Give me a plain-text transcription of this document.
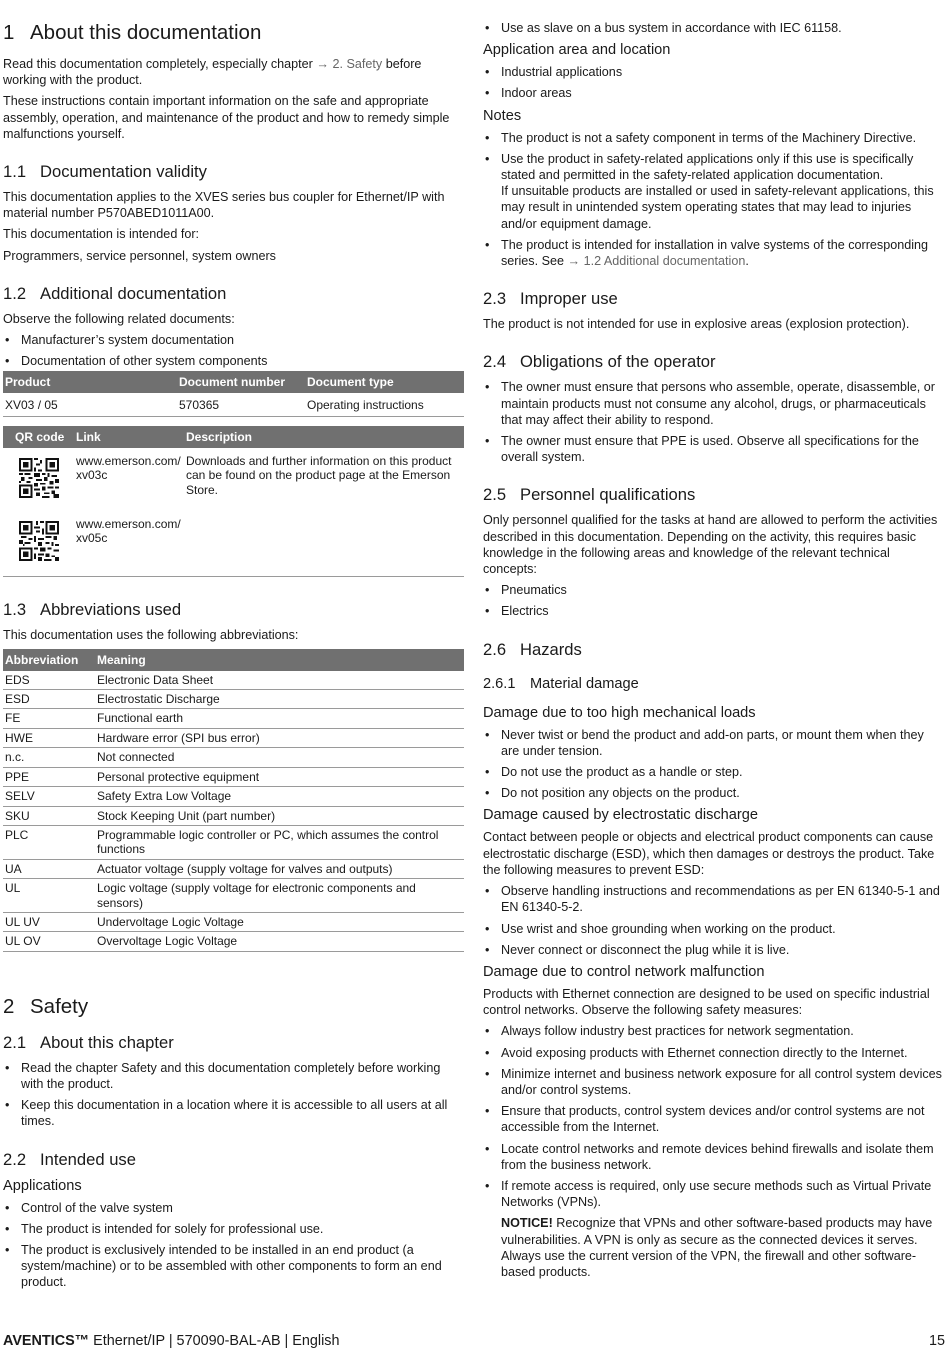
1 About this documentation

Read this documentation completely, especially chapter → 2. Safety before working with the product.

These instructions contain important information on the safe and appropriate assembly, operation, and maintenance of the product and how to remedy simple malfunctions yourself.

1.1 Documentation validity

This documentation applies to the XVES series bus coupler for Ethernet/IP with material number P570ABED1011A00.

This documentation is intended for:

Programmers, service personnel, system owners

1.2 Additional documentation

Observe the following related documents:

• Manufacturer’s system documentation
• Documentation of other system components
Product	Document number	Document type
XV03 / 05	570365	Operating instructions
QR code	Link	Description
	www.emerson.com/ xv03c	Downloads and further information on this product can be found on the product page at the Emerson Store.
	www.emerson.com/ xv05c	
1.3 Abbreviations used

This documentation uses the following abbreviations:

Abbreviation	Meaning
EDS	Electronic Data Sheet
ESD	Electrostatic Discharge
FE	Functional earth
HWE	Hardware error (SPI bus error)
n.c.	Not connected
PPE	Personal protective equipment
SELV	Safety Extra Low Voltage
SKU	Stock Keeping Unit (part number)
PLC	Programmable logic controller or PC, which assumes the control functions
UA	Actuator voltage (supply voltage for valves and outputs)
UL	Logic voltage (supply voltage for electronic components and sensors)
UL UV	Undervoltage Logic Voltage
UL OV	Overvoltage Logic Voltage
2 Safety
2.1 About this chapter
• Read the chapter Safety and this documentation completely before working with the product.
• Keep this documentation in a location where it is accessible to all users at all times.
2.2 Intended use
Applications
• Control of the valve system
• The product is intended for solely for professional use.
• The product is exclusively intended to be installed in an end product (a system/machine) or to be assembled with other components to form an end product.
• Use as slave on a bus system in accordance with IEC 61158.
Application area and location
• Industrial applications
• Indoor areas
Notes
• The product is not a safety component in terms of the Machinery Directive.
• Use the product in safety-related applications only if this use is specifically stated and permitted in the safety-related application documentation.
If unsuitable products are installed or used in safety-relevant applications, this may result in unintended system operating states that may lead to injuries and/or equipment damage.
• The product is intended for installation in valve systems of the corresponding series. See → 1.2 Additional documentation.
2.3 Improper use

The product is not intended for use in explosive areas (explosion protection).

2.4 Obligations of the operator
• The owner must ensure that persons who assemble, operate, disassemble, or maintain products must not consume any alcohol, drugs, or pharmaceuticals that may affect their ability to respond.
• The owner must ensure that PPE is used. Observe all specifications for the overall system.
2.5 Personnel qualifications

Only personnel qualified for the tasks at hand are allowed to perform the activities described in this documentation. Depending on the activity, this requires basic knowledge in the following areas and knowledge of the relevant technical concepts:

• Pneumatics
• Electrics
2.6 Hazards
2.6.1 Material damage
Damage due to too high mechanical loads
• Never twist or bend the product and add-on parts, or mount them when they are under tension.
• Do not use the product as a handle or step.
• Do not position any objects on the product.
Damage caused by electrostatic discharge

Contact between people or objects and electrical product components can cause electrostatic discharge (ESD), which then damages or destroys the product. Take the following measures to prevent ESD:

• Observe handling instructions and recommendations as per EN 61340-5-1 and EN 61340-5-2.
• Use wrist and shoe grounding when working on the product.
• Never connect or disconnect the plug while it is live.
Damage due to control network malfunction

Products with Ethernet connection are designed to be used on specific industrial control networks. Observe the following safety measures:

• Always follow industry best practices for network segmentation.
• Avoid exposing products with Ethernet connection directly to the Internet.
• Minimize internet and business network exposure for all control system devices and/or control systems.
• Ensure that products, control system devices and/or control systems are not accessible from the Internet.
• Locate control networks and remote devices behind firewalls and isolate them from the business network.
• If remote access is required, only use secure methods such as Virtual Private Networks (VPNs).
NOTICE! Recognize that VPNs and other software-based products may have vulnerabilities. A VPN is only as secure as the connected devices it serves. Always use the current version of the VPN, the firewall and other software-based products.
AVENTICS™ Ethernet/IP | 570090-BAL-AB | English	15
